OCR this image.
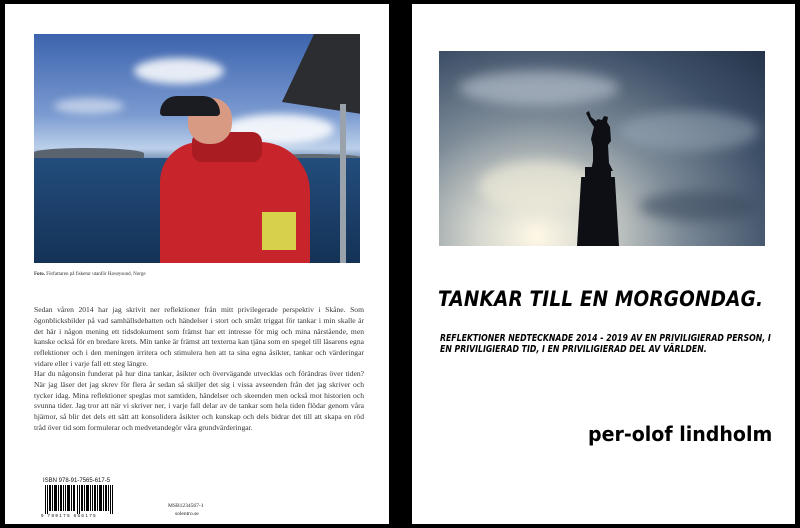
Foto. Författaren på fisketur utanför Havøysund, Norge

Sedan våren 2014 har jag skrivit ner reflektioner från mitt privilegerade perspektiv i Skåne. Som ögonblicksbilder på vad samhällsdebatten och händelser i stort och smått triggat för tankar i min skalle är det här i någon mening ett tidsdokument som främst har ett intresse för mig och mina närstående, men kanske också för en bredare krets. Min tanke är främst att texterna kan tjäna som en spegel till läsarens egna reflektioner och i den meningen irritera och stimulera hen att ta sina egna åsikter, tankar och värderingar vidare eller i varje fall ett steg längre.

Har du någonsin funderat på hur dina tankar, åsikter och övervägande utvecklas och förändras över tiden? När jag läser det jag skrev för flera år sedan så skiljer det sig i vissa avseenden från det jag skriver och tycker idag. Mina reflektioner speglas mot samtiden, händelser och skeenden men också mot historien och svunna tider. Jag tror att när vi skriver ner, i varje fall delar av de tankar som hela tiden flödar genom våra hjärnor, så blir det dels ett sätt att konsolidera åsikter och kunskap och dels bidrar det till att skapa en röd tråd över tid som formulerar och medvetandegör våra grundvärderingar.

ISBN 978-91-7565-617-5
9 789175 656175
MSB1234567-1
solentro.se
TANKAR TILL EN MORGONDAG.

REFLEKTIONER NEDTECKNADE 2014 - 2019 AV EN PRIVILIGIERAD PERSON, I EN PRIVILIGIERAD TID, I EN PRIVILIGIERAD DEL AV VÄRLDEN.

per-olof lindholm
